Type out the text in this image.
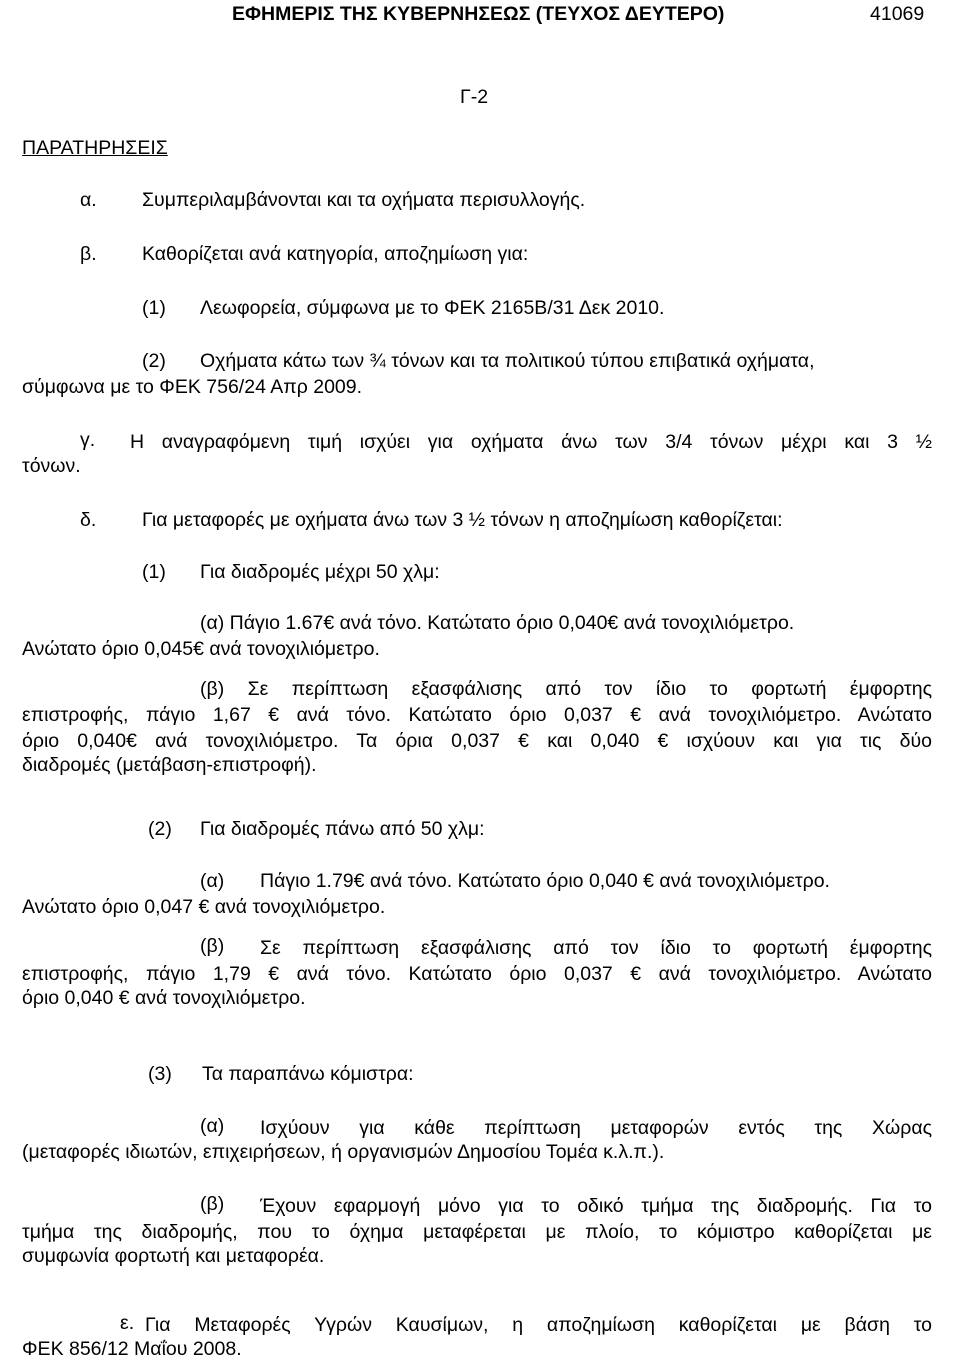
ΕΦΗΜΕΡΙΣ ΤΗΣ ΚΥΒΕΡΝΗΣΕΩΣ (ΤΕΥΧΟΣ ΔΕΥΤΕΡΟ)	41069
Γ-2
ΠΑΡΑΤΗΡΗΣΕΙΣ
α. Συμπεριλαμβάνονται και τα οχήματα περισυλλογής.
β. Καθορίζεται ανά κατηγορία, αποζημίωση για:
(1) Λεωφορεία, σύμφωνα με το ΦΕΚ 2165Β/31 Δεκ 2010.
(2) Οχήματα κάτω των ¾ τόνων και τα πολιτικού τύπου επιβατικά οχήματα,
σύμφωνα με το ΦΕΚ 756/24 Απρ 2009.
γ. Η αναγραφόμενη τιμή ισχύει για οχήματα άνω των 3/4 τόνων μέχρι και 3 ½
τόνων.
δ. Για μεταφορές με οχήματα άνω των 3 ½ τόνων η αποζημίωση καθορίζεται:
(1) Για διαδρομές μέχρι 50 χλμ:
(α) Πάγιο 1.67€ ανά τόνο. Κατώτατο όριο 0,040€ ανά τονοχιλιόμετρο.
Ανώτατο όριο 0,045€ ανά τονοχιλιόμετρο.
(β) Σε περίπτωση εξασφάλισης από τον ίδιο το φορτωτή έμφορτης
επιστροφής, πάγιο 1,67 € ανά τόνο. Κατώτατο όριο 0,037 € ανά τονοχιλιόμετρο. Ανώτατο
όριο 0,040€ ανά τονοχιλιόμετρο. Τα όρια 0,037 € και 0,040 € ισχύουν και για τις δύο
διαδρομές (μετάβαση-επιστροφή).
(2) Για διαδρομές πάνω από 50 χλμ:
(α) Πάγιο 1.79€ ανά τόνο. Κατώτατο όριο 0,040 € ανά τονοχιλιόμετρο.
Ανώτατο όριο 0,047 € ανά τονοχιλιόμετρο.
(β) Σε περίπτωση εξασφάλισης από τον ίδιο το φορτωτή έμφορτης
επιστροφής, πάγιο 1,79 € ανά τόνο. Κατώτατο όριο 0,037 € ανά τονοχιλιόμετρο. Ανώτατο
όριο 0,040 € ανά τονοχιλιόμετρο.
(3) Τα παραπάνω κόμιστρα:
(α) Ισχύουν για κάθε περίπτωση μεταφορών εντός της Χώρας
(μεταφορές ιδιωτών, επιχειρήσεων, ή οργανισμών Δημοσίου Τομέα κ.λ.π.).
(β) Έχουν εφαρμογή μόνο για το οδικό τμήμα της διαδρομής. Για το
τμήμα της διαδρομής, που το όχημα μεταφέρεται με πλοίο, το κόμιστρο καθορίζεται με
συμφωνία φορτωτή και μεταφορέα.
ε. Για Μεταφορές Υγρών Καυσίμων, η αποζημίωση καθορίζεται με βάση το
ΦΕΚ 856/12 Μαΐου 2008.
